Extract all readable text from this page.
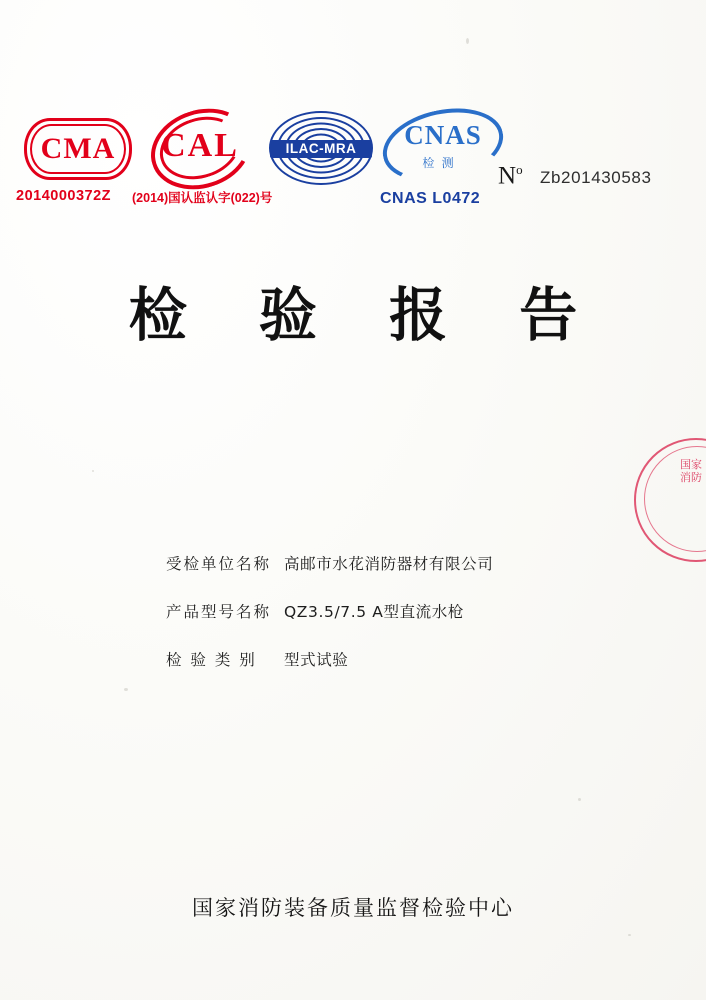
CMA
2014000372Z
CAL
(2014)国认监认字(022)号
ILAC-MRA	CNAS
检 测
CNAS L0472
$N^o$ Zb201430583
检 验 报 告
受检单位名称 高邮市水花消防器材有限公司
产品型号名称 QZ3.5/7.5 A型直流水枪
检 验 类 别	型式试验
国家消防
国家消防装备质量监督检验中心
